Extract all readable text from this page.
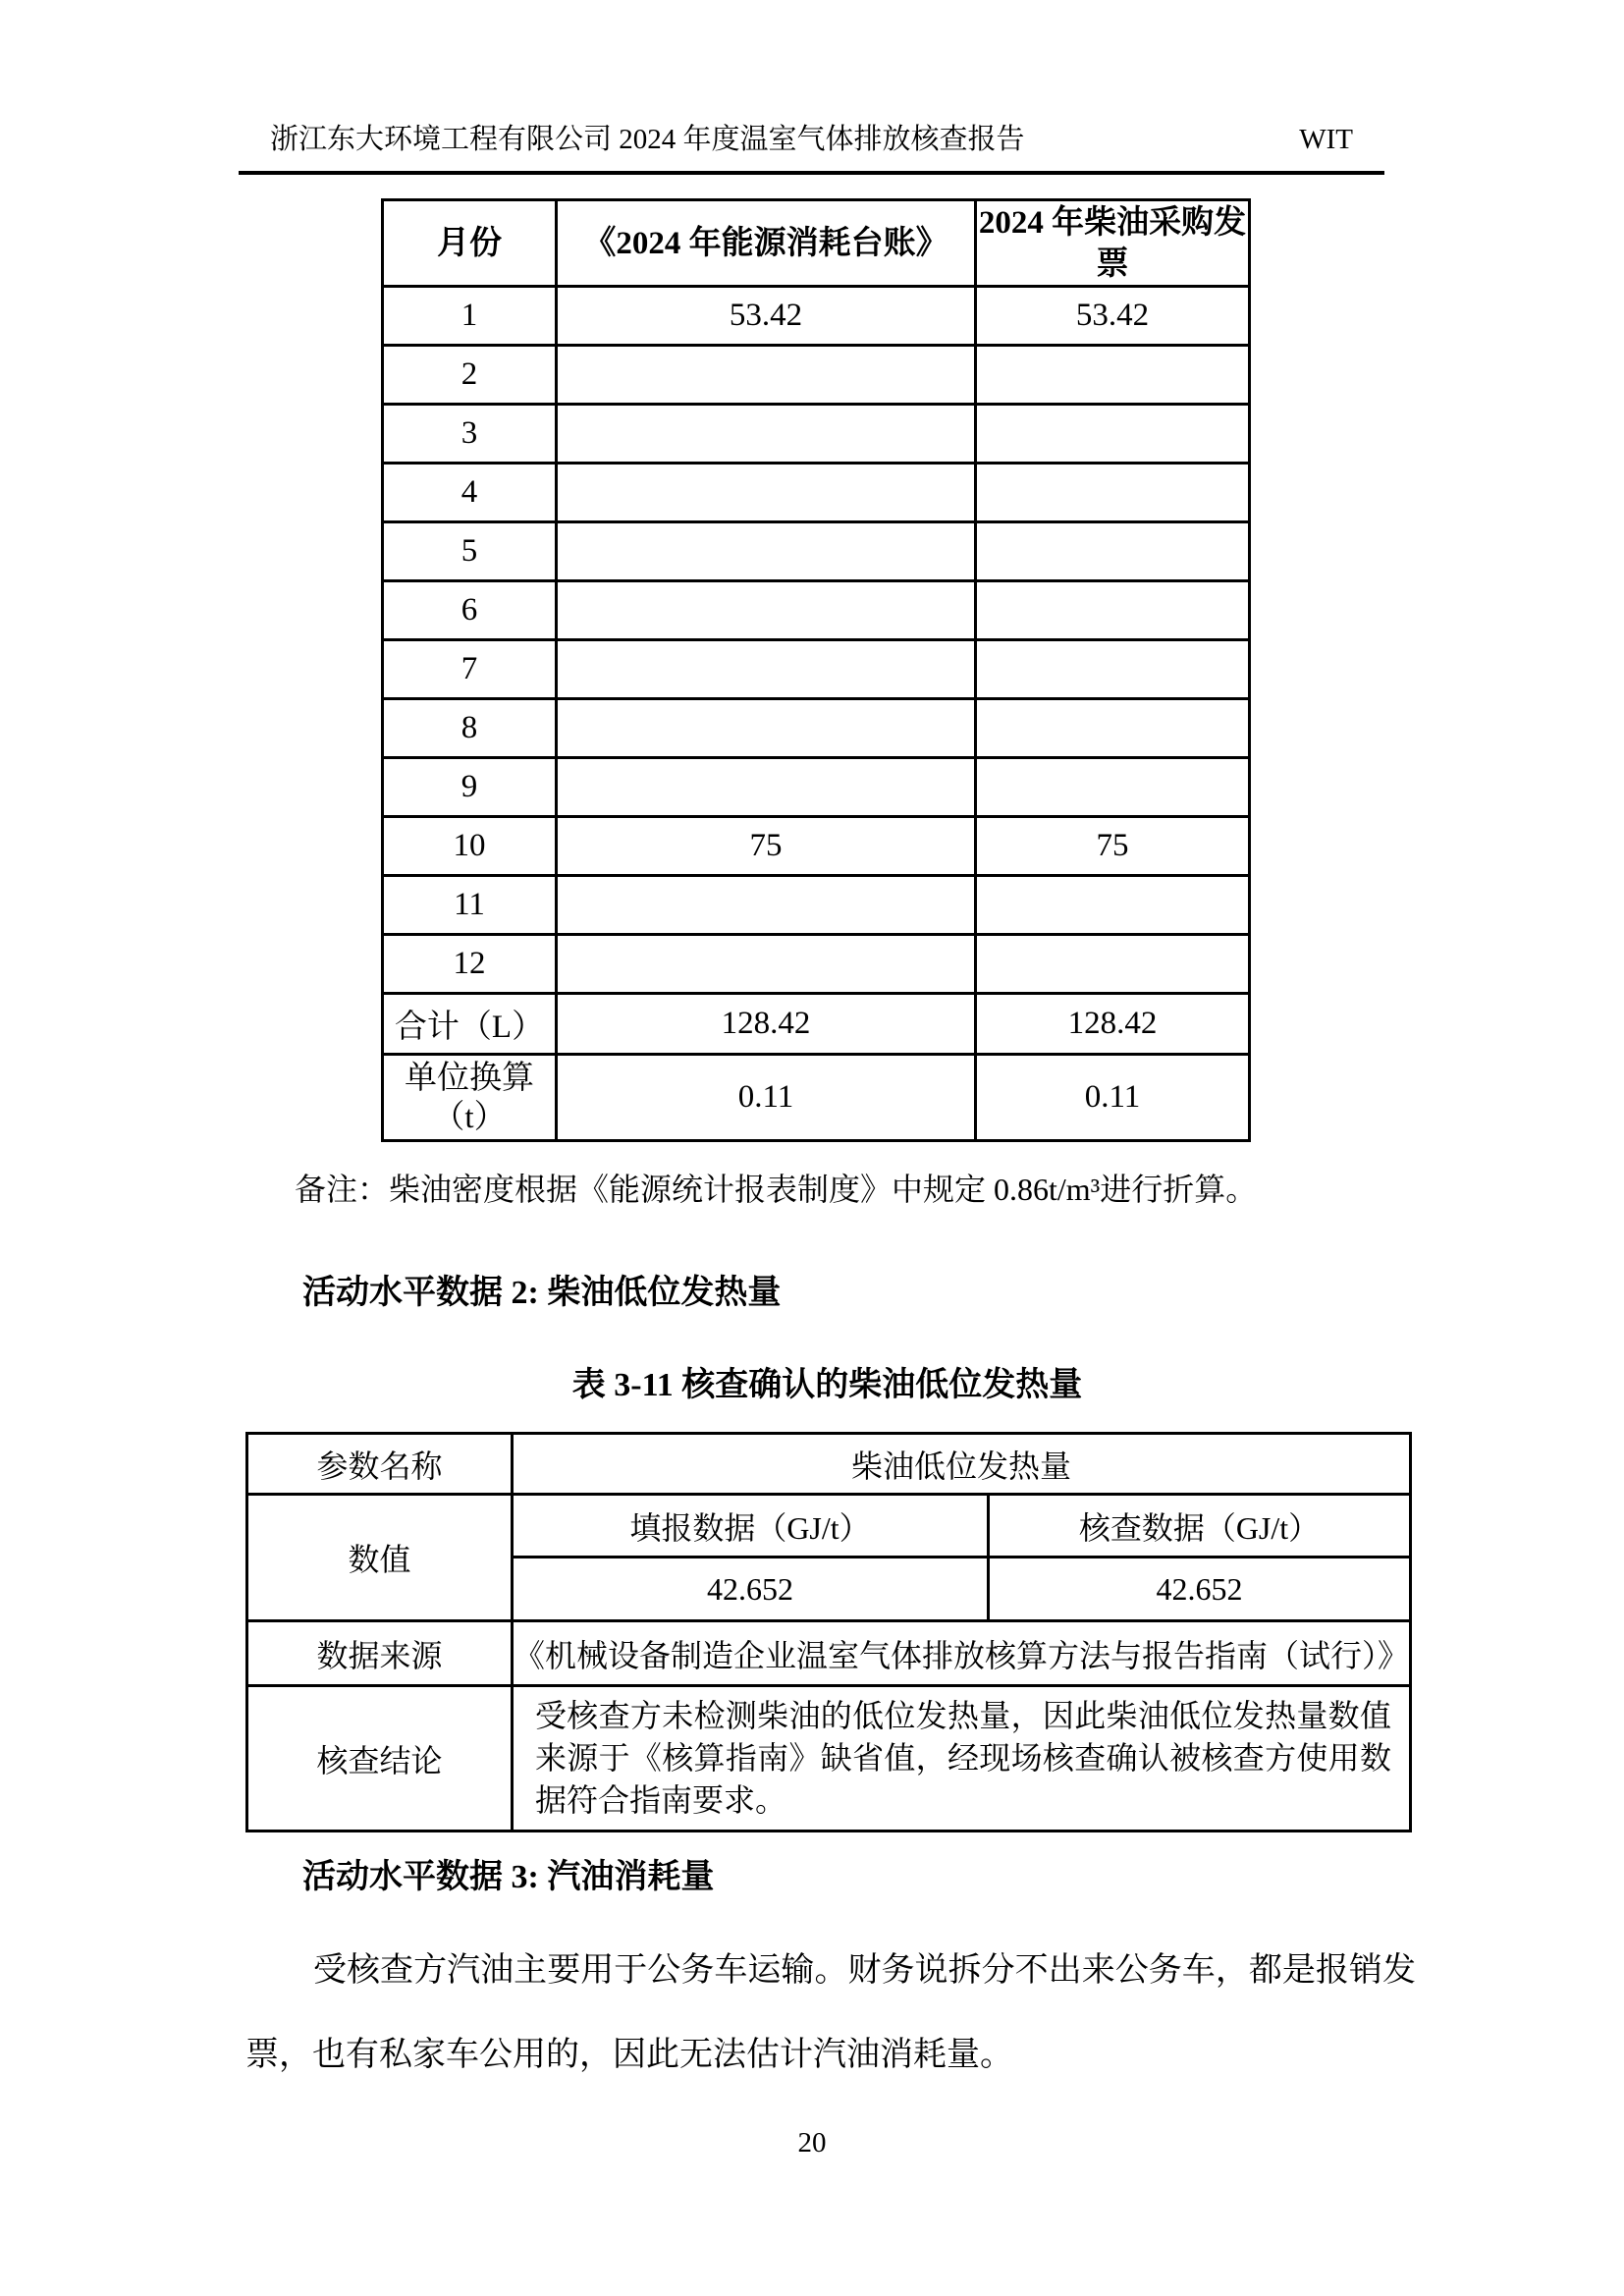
浙江东大环境工程有限公司 2024 年度温室气体排放核查报告	WIT
月份	《2024 年能源消耗台账》	2024 年柴油采购发票
1	53.42	53.42
2		
3		
4		
5		
6		
7		
8		
9		
10	75	75
11		
12		
合计（L）	128.42	128.42

单位换算
（t）	0.11	0.11
备注：柴油密度根据《能源统计报表制度》中规定 0.86t/m³进行折算。
活动水平数据 2: 柴油低位发热量
表 3-11 核查确认的柴油低位发热量
参数名称	柴油低位发热量	
数值	填报数据（GJ/t）	核查数据（GJ/t）
	42.652	42.652
数据来源	《机械设备制造企业温室气体排放核算方法与报告指南（试行）》	
核查结论	受核查方未检测柴油的低位发热量，因此柴油低位发热量数值来源于《核算指南》缺省值，经现场核查确认被核查方使用数据符合指南要求。	
活动水平数据 3: 汽油消耗量
受核查方汽油主要用于公务车运输。财务说拆分不出来公务车，都是报销发票，也有私家车公用的，因此无法估计汽油消耗量。
20
